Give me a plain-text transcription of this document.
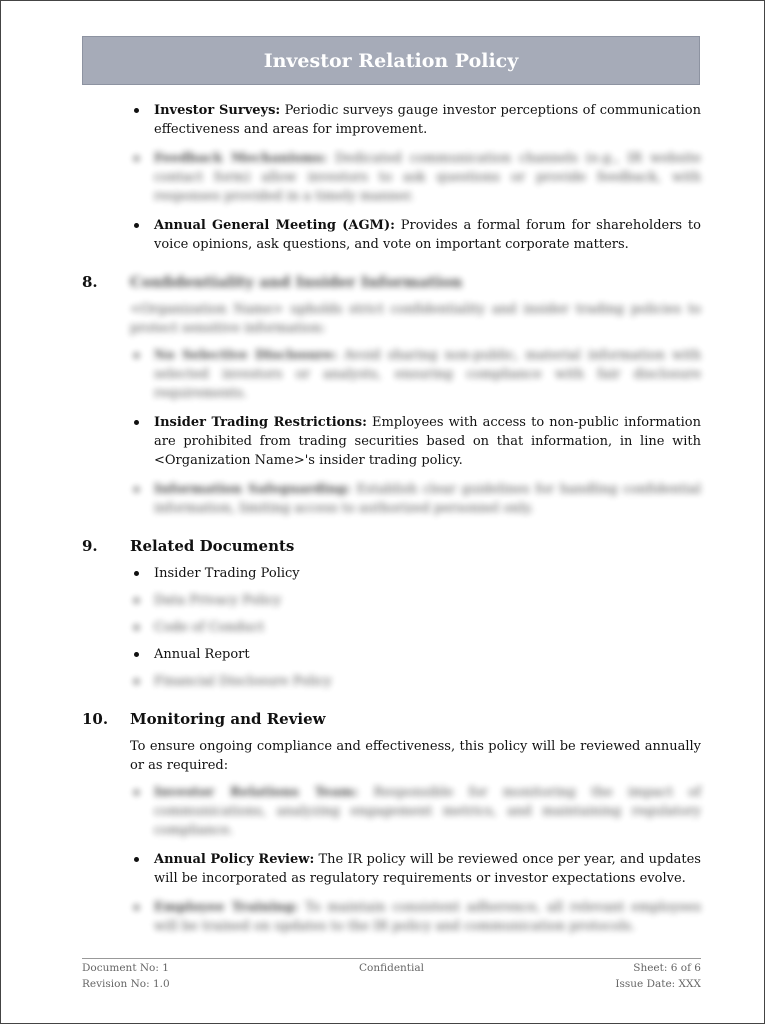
Investor Relation Policy
Investor Surveys: Periodic surveys gauge investor perceptions of communication effectiveness and areas for improvement.
Feedback Mechanisms: Dedicated communication channels (e.g., IR website contact form) allow investors to ask questions or provide feedback, with responses provided in a timely manner.
Annual General Meeting (AGM): Provides a formal forum for shareholders to voice opinions, ask questions, and vote on important corporate matters.
8.	Confidentiality and Insider Information
<Organization Name> upholds strict confidentiality and insider trading policies to protect sensitive information:
No Selective Disclosure: Avoid sharing non-public, material information with selected investors or analysts, ensuring compliance with fair disclosure requirements.
Insider Trading Restrictions: Employees with access to non-public information are prohibited from trading securities based on that information, in line with <Organization Name>'s insider trading policy.
Information Safeguarding: Establish clear guidelines for handling confidential information, limiting access to authorized personnel only.
9.	Related Documents
Insider Trading Policy
Data Privacy Policy
Code of Conduct
Annual Report
Financial Disclosure Policy
10.	Monitoring and Review
To ensure ongoing compliance and effectiveness, this policy will be reviewed annually or as required:
Investor Relations Team: Responsible for monitoring the impact of communications, analyzing engagement metrics, and maintaining regulatory compliance.
Annual Policy Review: The IR policy will be reviewed once per year, and updates will be incorporated as regulatory requirements or investor expectations evolve.
Employee Training: To maintain consistent adherence, all relevant employees will be trained on updates to the IR policy and communication protocols.
Document No: 1	Confidential	Sheet: 6 of 6
Revision No: 1.0	Issue Date: XXX
